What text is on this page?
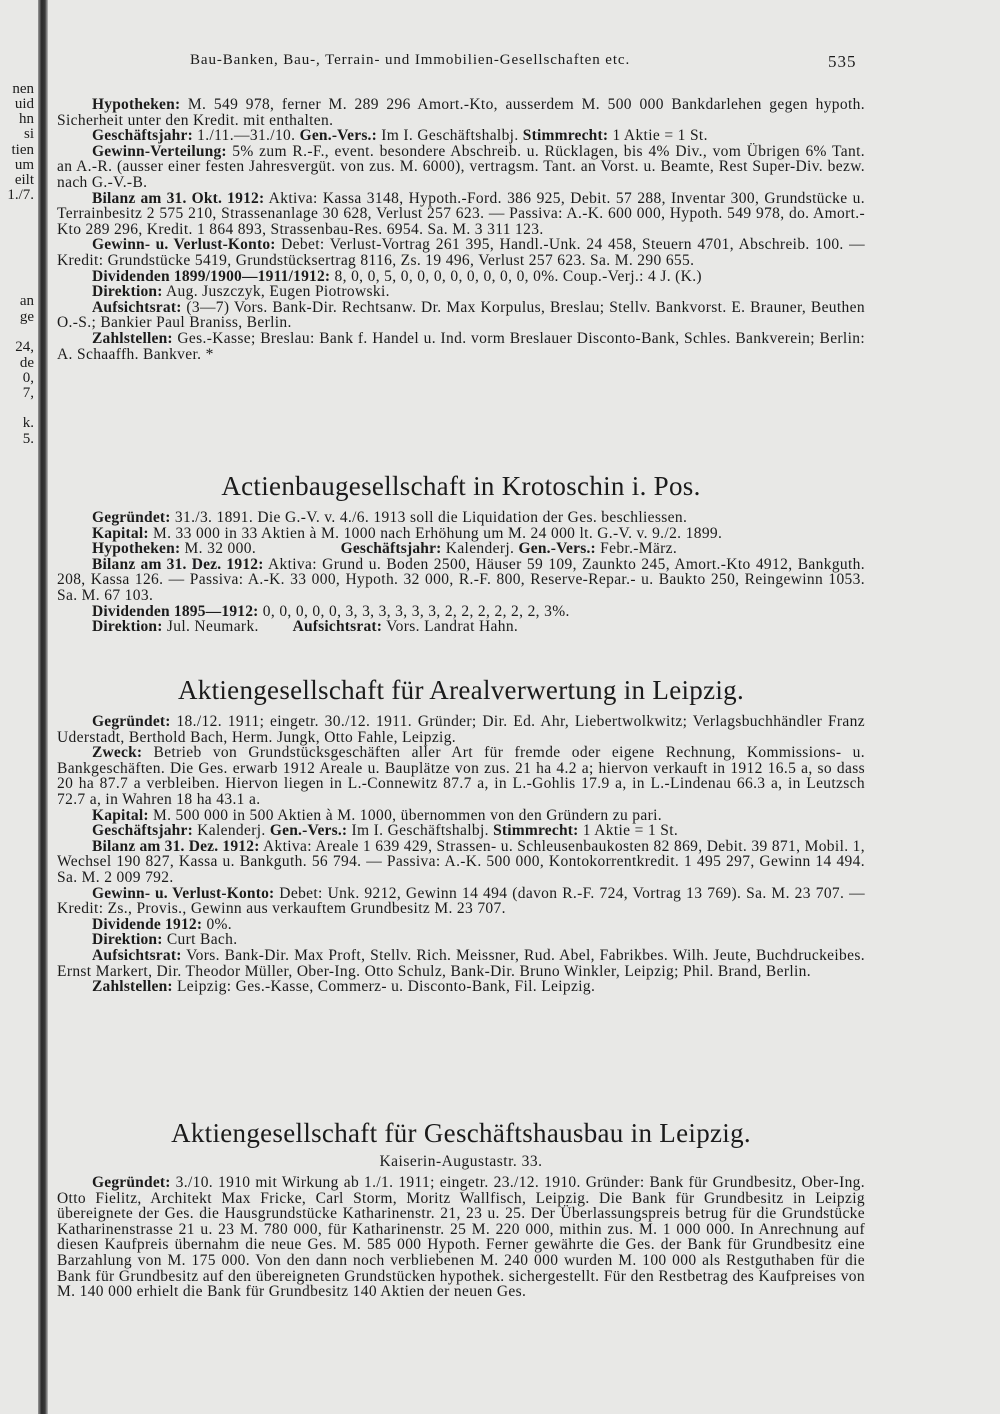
nen
uid
hn
si
tien
um
eilt
1./7.
an
ge
24,
de
0,
7,
k.
5.
Bau-Banken, Bau-, Terrain- und Immobilien-Gesellschaften etc.	535

Hypotheken: M. 549 978, ferner M. 289 296 Amort.-Kto, ausserdem M. 500 000 Bankdarlehen gegen hypoth. Sicherheit unter den Kredit. mit enthalten.

Geschäftsjahr: 1./11.—31./10. Gen.-Vers.: Im I. Geschäftshalbj. Stimmrecht: 1 Aktie = 1 St.

Gewinn-Verteilung: 5% zum R.-F., event. besondere Abschreib. u. Rücklagen, bis 4% Div., vom Übrigen 6% Tant. an A.-R. (ausser einer festen Jahresvergüt. von zus. M. 6000), vertragsm. Tant. an Vorst. u. Beamte, Rest Super-Div. bezw. nach G.-V.-B.

Bilanz am 31. Okt. 1912: Aktiva: Kassa 3148, Hypoth.-Ford. 386 925, Debit. 57 288, Inventar 300, Grundstücke u. Terrainbesitz 2 575 210, Strassenanlage 30 628, Verlust 257 623. — Passiva: A.-K. 600 000, Hypoth. 549 978, do. Amort.-Kto 289 296, Kredit. 1 864 893, Strassenbau-Res. 6954. Sa. M. 3 311 123.

Gewinn- u. Verlust-Konto: Debet: Verlust-Vortrag 261 395, Handl.-Unk. 24 458, Steuern 4701, Abschreib. 100. — Kredit: Grundstücke 5419, Grundstücksertrag 8116, Zs. 19 496, Verlust 257 623. Sa. M. 290 655.

Dividenden 1899/1900—1911/1912: 8, 0, 0, 5, 0, 0, 0, 0, 0, 0, 0, 0, 0%. Coup.-Verj.: 4 J. (K.)

Direktion: Aug. Juszczyk, Eugen Piotrowski.

Aufsichtsrat: (3—7) Vors. Bank-Dir. Rechtsanw. Dr. Max Korpulus, Breslau; Stellv. Bankvorst. E. Brauner, Beuthen O.-S.; Bankier Paul Braniss, Berlin.

Zahlstellen: Ges.-Kasse; Breslau: Bank f. Handel u. Ind. vorm Breslauer Disconto-Bank, Schles. Bankverein; Berlin: A. Schaaffh. Bankver. *

Actienbaugesellschaft in Krotoschin i. Pos.

Gegründet: 31./3. 1891. Die G.-V. v. 4./6. 1913 soll die Liquidation der Ges. beschliessen.

Kapital: M. 33 000 in 33 Aktien à M. 1000 nach Erhöhung um M. 24 000 lt. G.-V. v. 9./2. 1899.

Hypotheken: M. 32 000.                    Geschäftsjahr: Kalenderj. Gen.-Vers.: Febr.-März.

Bilanz am 31. Dez. 1912: Aktiva: Grund u. Boden 2500, Häuser 59 109, Zaunkto 245, Amort.-Kto 4912, Bankguth. 208, Kassa 126. — Passiva: A.-K. 33 000, Hypoth. 32 000, R.-F. 800, Reserve-Repar.- u. Baukto 250, Reingewinn 1053. Sa. M. 67 103.

Dividenden 1895—1912: 0, 0, 0, 0, 0, 3, 3, 3, 3, 3, 3, 2, 2, 2, 2, 2, 2, 3%.

Direktion: Jul. Neumark.        Aufsichtsrat: Vors. Landrat Hahn.

Aktiengesellschaft für Arealverwertung in Leipzig.

Gegründet: 18./12. 1911; eingetr. 30./12. 1911. Gründer; Dir. Ed. Ahr, Liebertwolkwitz; Verlagsbuchhändler Franz Uderstadt, Berthold Bach, Herm. Jungk, Otto Fahle, Leipzig.

Zweck: Betrieb von Grundstücksgeschäften aller Art für fremde oder eigene Rechnung, Kommissions- u. Bankgeschäften. Die Ges. erwarb 1912 Areale u. Bauplätze von zus. 21 ha 4.2 a; hiervon verkauft in 1912 16.5 a, so dass 20 ha 87.7 a verbleiben. Hiervon liegen in L.-Connewitz 87.7 a, in L.-Gohlis 17.9 a, in L.-Lindenau 66.3 a, in Leutzsch 72.7 a, in Wahren 18 ha 43.1 a.

Kapital: M. 500 000 in 500 Aktien à M. 1000, übernommen von den Gründern zu pari.

Geschäftsjahr: Kalenderj. Gen.-Vers.: Im I. Geschäftshalbj. Stimmrecht: 1 Aktie = 1 St.

Bilanz am 31. Dez. 1912: Aktiva: Areale 1 639 429, Strassen- u. Schleusenbaukosten 82 869, Debit. 39 871, Mobil. 1, Wechsel 190 827, Kassa u. Bankguth. 56 794. — Passiva: A.-K. 500 000, Kontokorrentkredit. 1 495 297, Gewinn 14 494. Sa. M. 2 009 792.

Gewinn- u. Verlust-Konto: Debet: Unk. 9212, Gewinn 14 494 (davon R.-F. 724, Vortrag 13 769). Sa. M. 23 707. — Kredit: Zs., Provis., Gewinn aus verkauftem Grundbesitz M. 23 707.

Dividende 1912: 0%.

Direktion: Curt Bach.

Aufsichtsrat: Vors. Bank-Dir. Max Proft, Stellv. Rich. Meissner, Rud. Abel, Fabrikbes. Wilh. Jeute, Buchdruckeibes. Ernst Markert, Dir. Theodor Müller, Ober-Ing. Otto Schulz, Bank-Dir. Bruno Winkler, Leipzig; Phil. Brand, Berlin.

Zahlstellen: Leipzig: Ges.-Kasse, Commerz- u. Disconto-Bank, Fil. Leipzig.

Aktiengesellschaft für Geschäftshausbau in Leipzig.
Kaiserin-Augustastr. 33.

Gegründet: 3./10. 1910 mit Wirkung ab 1./1. 1911; eingetr. 23./12. 1910. Gründer: Bank für Grundbesitz, Ober-Ing. Otto Fielitz, Architekt Max Fricke, Carl Storm, Moritz Wallfisch, Leipzig. Die Bank für Grundbesitz in Leipzig übereignete der Ges. die Hausgrundstücke Katharinenstr. 21, 23 u. 25. Der Überlassungspreis betrug für die Grundstücke Katharinenstrasse 21 u. 23 M. 780 000, für Katharinenstr. 25 M. 220 000, mithin zus. M. 1 000 000. In Anrechnung auf diesen Kaufpreis übernahm die neue Ges. M. 585 000 Hypoth. Ferner gewährte die Ges. der Bank für Grundbesitz eine Barzahlung von M. 175 000. Von den dann noch verbliebenen M. 240 000 wurden M. 100 000 als Restguthaben für die Bank für Grundbesitz auf den übereigneten Grundstücken hypothek. sichergestellt. Für den Restbetrag des Kaufpreises von M. 140 000 erhielt die Bank für Grundbesitz 140 Aktien der neuen Ges.
